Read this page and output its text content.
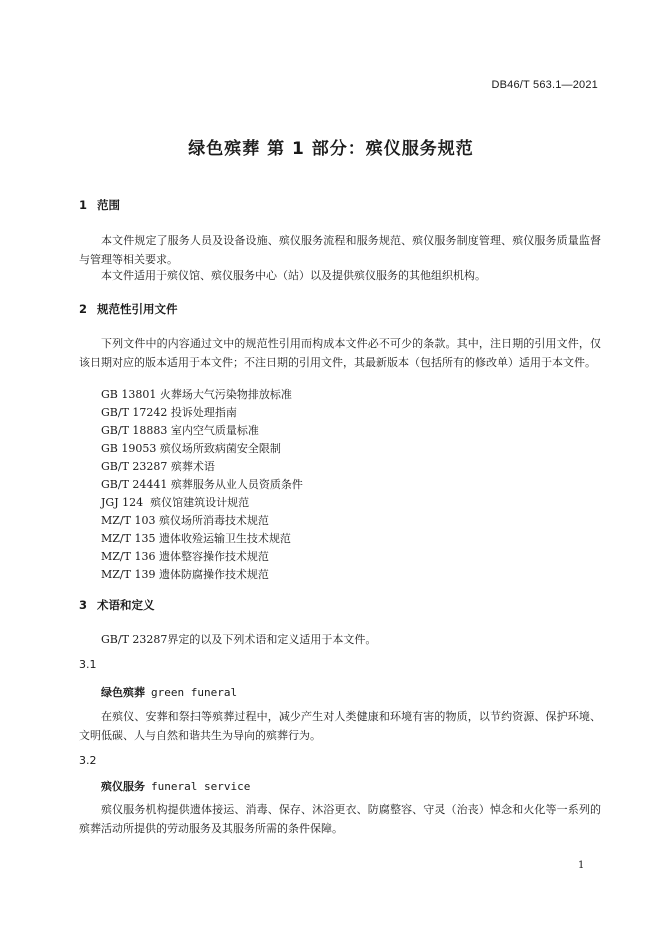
DB46/T 563.1—2021
绿色殡葬 第 1 部分：殡仪服务规范
1 范围
本文件规定了服务人员及设备设施、殡仪服务流程和服务规范、殡仪服务制度管理、殡仪服务质量监督与管理等相关要求。
本文件适用于殡仪馆、殡仪服务中心（站）以及提供殡仪服务的其他组织机构。
2 规范性引用文件
下列文件中的内容通过文中的规范性引用而构成本文件必不可少的条款。其中，注日期的引用文件，仅该日期对应的版本适用于本文件；不注日期的引用文件，其最新版本（包括所有的修改单）适用于本文件。
GB 13801 火葬场大气污染物排放标准
GB/T 17242 投诉处理指南
GB/T 18883 室内空气质量标准
GB 19053 殡仪场所致病菌安全限制
GB/T 23287 殡葬术语
GB/T 24441 殡葬服务从业人员资质条件
JGJ 124  殡仪馆建筑设计规范
MZ/T 103 殡仪场所消毒技术规范
MZ/T 135 遗体收殓运输卫生技术规范
MZ/T 136 遗体整容操作技术规范
MZ/T 139 遗体防腐操作技术规范
3 术语和定义
GB/T 23287界定的以及下列术语和定义适用于本文件。
3.1
绿色殡葬 green funeral
在殡仪、安葬和祭扫等殡葬过程中，减少产生对人类健康和环境有害的物质，以节约资源、保护环境、文明低碳、人与自然和谐共生为导向的殡葬行为。
3.2
殡仪服务 funeral service
殡仪服务机构提供遗体接运、消毒、保存、沐浴更衣、防腐整容、守灵（治丧）悼念和火化等一系列的殡葬活动所提供的劳动服务及其服务所需的条件保障。
1
